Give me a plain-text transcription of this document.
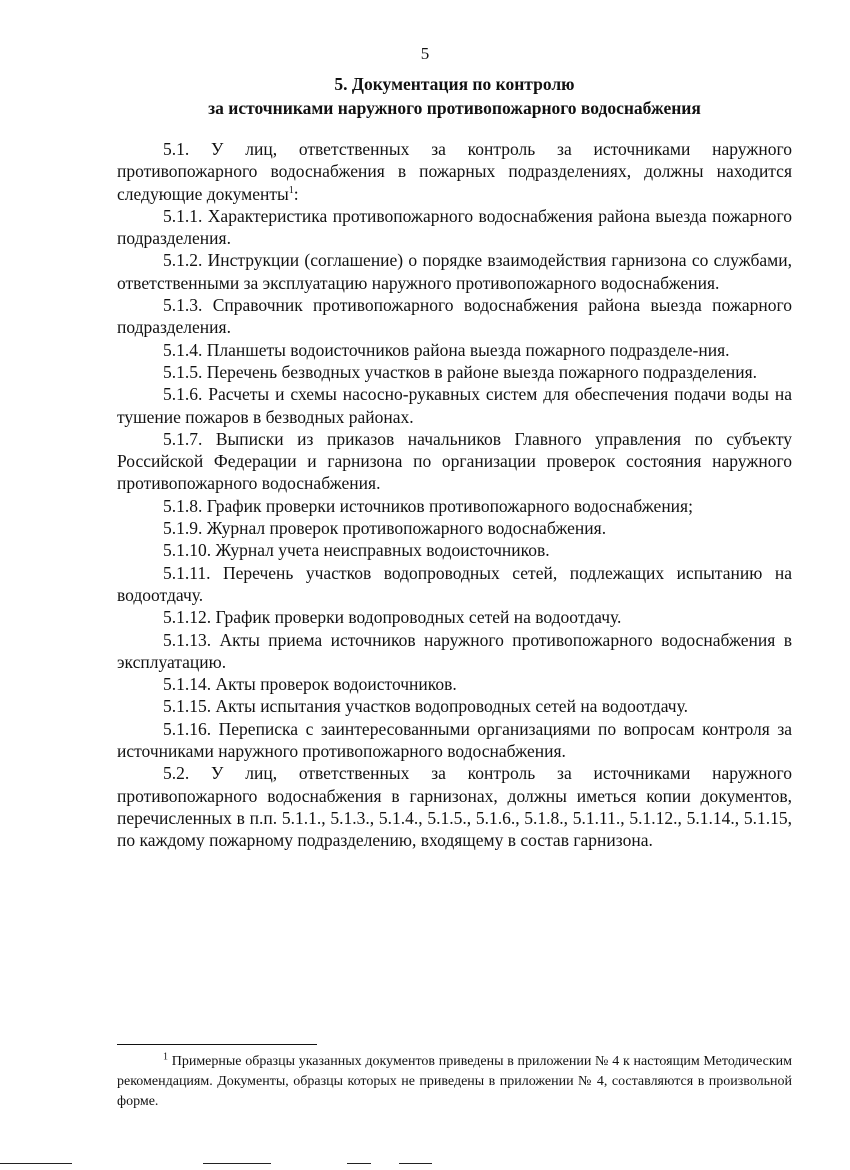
5
5. Документация по контролю
за источниками наружного противопожарного водоснабжения

5.1. У лиц, ответственных за контроль за источниками наружного противопожарного водоснабжения в пожарных подразделениях, должны находится следующие документы$^1$:

5.1.1. Характеристика противопожарного водоснабжения района выезда пожарного подразделения.

5.1.2. Инструкции (соглашение) о порядке взаимодействия гарнизона со службами, ответственными за эксплуатацию наружного противопожарного водоснабжения.

5.1.3. Справочник противопожарного водоснабжения района выезда пожарного подразделения.

5.1.4. Планшеты водоисточников района выезда пожарного подразделе-ния.

5.1.5. Перечень безводных участков в районе выезда пожарного подразделения.

5.1.6. Расчеты и схемы насосно-рукавных систем для обеспечения подачи воды на тушение пожаров в безводных районах.

5.1.7. Выписки из приказов начальников Главного управления по субъекту Российской Федерации и гарнизона по организации проверок состояния наружного противопожарного водоснабжения.

5.1.8. График проверки источников противопожарного водоснабжения;

5.1.9. Журнал проверок противопожарного водоснабжения.

5.1.10. Журнал учета неисправных водоисточников.

5.1.11. Перечень участков водопроводных сетей, подлежащих испытанию на водоотдачу.

5.1.12. График проверки водопроводных сетей на водоотдачу.

5.1.13. Акты приема источников наружного противопожарного водоснабжения в эксплуатацию.

5.1.14. Акты проверок водоисточников.

5.1.15. Акты испытания участков водопроводных сетей на водоотдачу.

5.1.16. Переписка с заинтересованными организациями по вопросам контроля за источниками наружного противопожарного водоснабжения.

5.2. У лиц, ответственных за контроль за источниками наружного противопожарного водоснабжения в гарнизонах, должны иметься копии документов, перечисленных в п.п. 5.1.1., 5.1.3., 5.1.4., 5.1.5., 5.1.6., 5.1.8., 5.1.11., 5.1.12., 5.1.14., 5.1.15, по каждому пожарному подразделению, входящему в состав гарнизона.

$^1$ Примерные образцы указанных документов приведены в приложении № 4 к настоящим Методическим рекомендациям. Документы, образцы которых не приведены в приложении № 4, составляются в произвольной форме.
